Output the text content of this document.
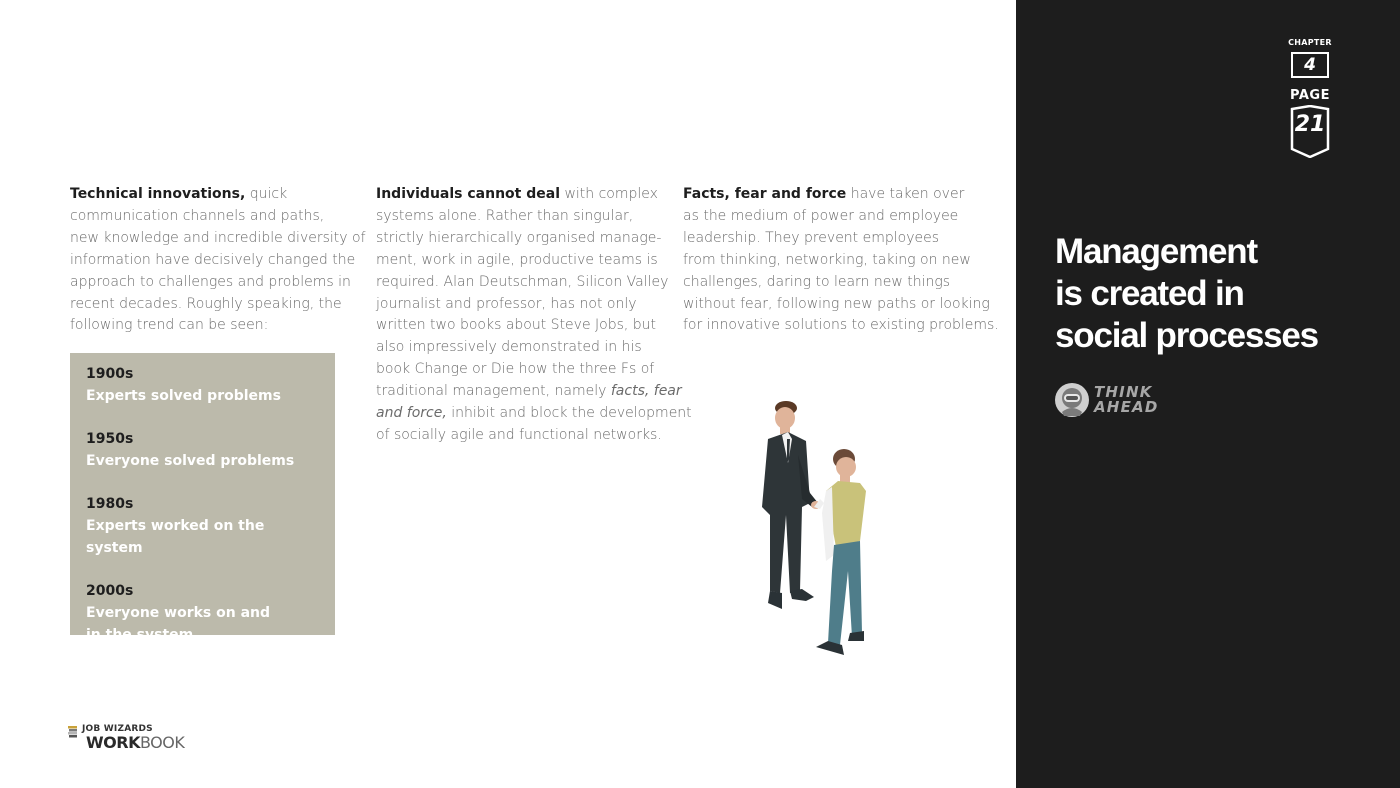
Technical innovations, quick
communication channels and paths,
new knowledge and incredible diversity of
information have decisively changed the
approach to challenges and problems in
recent decades. Roughly speaking, the
following trend can be seen:
1900s
Experts solved problems
1950s
Everyone solved problems
1980s
Experts worked on the system
2000s
Everyone works on and
in the system
Individuals cannot deal with complex
systems alone. Rather than singular,
strictly hierarchically organised manage-
ment, work in agile, productive teams is
required. Alan Deutschman, Silicon Valley
journalist and professor, has not only
written two books about Steve Jobs, but
also impressively demonstrated in his
book Change or Die how the three Fs of
traditional management, namely facts, fear
and force, inhibit and block the development
of socially agile and functional networks.
Facts, fear and force have taken over
as the medium of power and employee
leadership. They prevent employees
from thinking, networking, taking on new
challenges, daring to learn new things
without fear, following new paths or looking
for innovative solutions to existing problems.
JOB WIZARDS
WORKBOOK
CHAPTER
4
PAGE
21
Management
is created in
social processes
THINK
AHEAD
